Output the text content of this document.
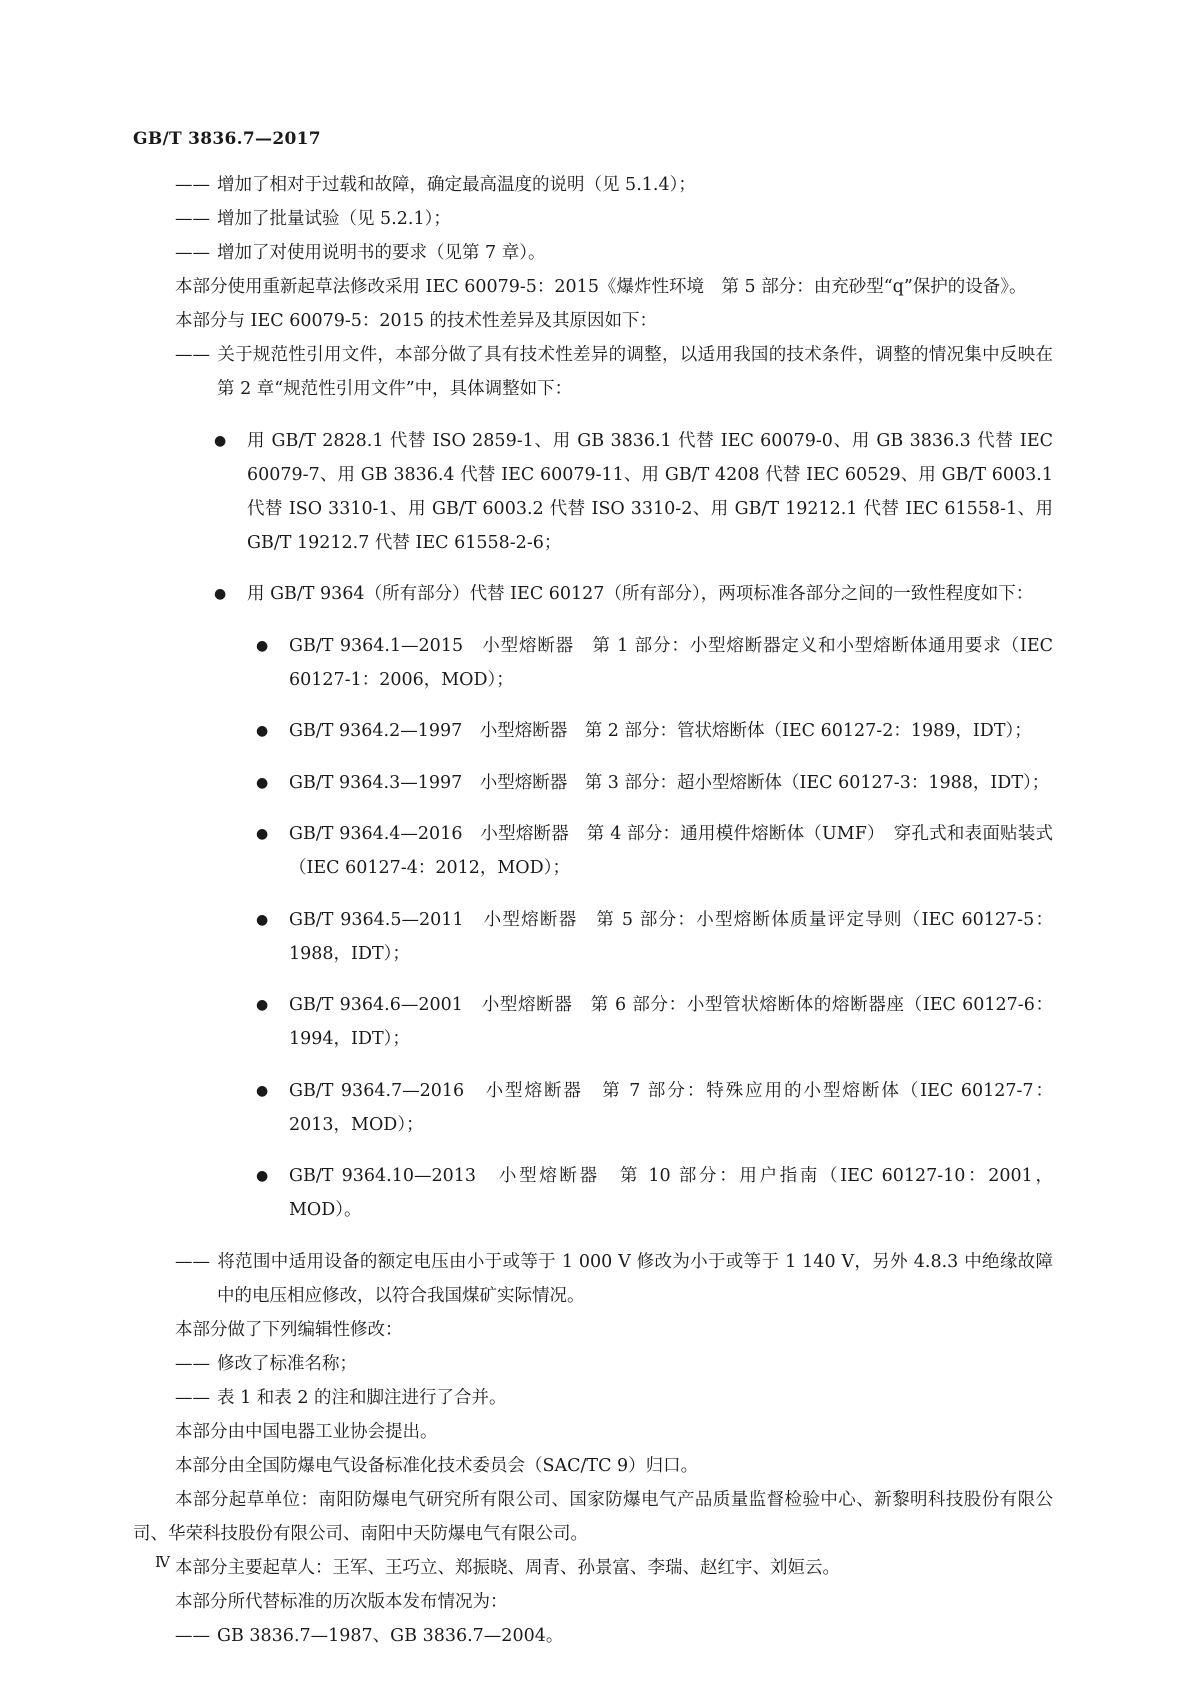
GB/T 3836.7—2017

—— 增加了相对于过载和故障，确定最高温度的说明（见 5.1.4）；

—— 增加了批量试验（见 5.2.1）；

—— 增加了对使用说明书的要求（见第 7 章）。

本部分使用重新起草法修改采用 IEC 60079-5：2015《爆炸性环境　第 5 部分：由充砂型“q”保护的设备》。

本部分与 IEC 60079-5：2015 的技术性差异及其原因如下：

—— 关于规范性引用文件，本部分做了具有技术性差异的调整，以适用我国的技术条件，调整的情况集中反映在第 2 章“规范性引用文件”中，具体调整如下：

● 用 GB/T 2828.1 代替 ISO 2859-1、用 GB 3836.1 代替 IEC 60079-0、用 GB 3836.3 代替 IEC 60079-7、用 GB 3836.4 代替 IEC 60079-11、用 GB/T 4208 代替 IEC 60529、用 GB/T 6003.1 代替 ISO 3310-1、用 GB/T 6003.2 代替 ISO 3310-2、用 GB/T 19212.1 代替 IEC 61558-1、用 GB/T 19212.7 代替 IEC 61558-2-6；

● 用 GB/T 9364（所有部分）代替 IEC 60127（所有部分），两项标准各部分之间的一致性程度如下：

● GB/T 9364.1—2015　小型熔断器　第 1 部分：小型熔断器定义和小型熔断体通用要求（IEC 60127-1：2006，MOD）；

● GB/T 9364.2—1997　小型熔断器　第 2 部分：管状熔断体（IEC 60127-2：1989，IDT）；

● GB/T 9364.3—1997　小型熔断器　第 3 部分：超小型熔断体（IEC 60127-3：1988，IDT）；

● GB/T 9364.4—2016　小型熔断器　第 4 部分：通用模件熔断体（UMF）　穿孔式和表面贴装式（IEC 60127-4：2012，MOD）；

● GB/T 9364.5—2011　小型熔断器　第 5 部分：小型熔断体质量评定导则（IEC 60127-5：1988，IDT）；

● GB/T 9364.6—2001　小型熔断器　第 6 部分：小型管状熔断体的熔断器座（IEC 60127-6：1994，IDT）；

● GB/T 9364.7—2016　小型熔断器　第 7 部分：特殊应用的小型熔断体（IEC 60127-7：2013，MOD）；

● GB/T 9364.10—2013　小型熔断器　第 10 部分：用户指南（IEC 60127-10：2001，MOD）。

—— 将范围中适用设备的额定电压由小于或等于 1 000 V 修改为小于或等于 1 140 V，另外 4.8.3 中绝缘故障中的电压相应修改，以符合我国煤矿实际情况。

本部分做了下列编辑性修改：

—— 修改了标准名称；

—— 表 1 和表 2 的注和脚注进行了合并。

本部分由中国电器工业协会提出。

本部分由全国防爆电气设备标准化技术委员会（SAC/TC 9）归口。

本部分起草单位：南阳防爆电气研究所有限公司、国家防爆电气产品质量监督检验中心、新黎明科技股份有限公司、华荣科技股份有限公司、南阳中天防爆电气有限公司。

本部分主要起草人：王军、王巧立、郑振晓、周青、孙景富、李瑞、赵红宇、刘姮云。

本部分所代替标准的历次版本发布情况为：

—— GB 3836.7—1987、GB 3836.7—2004。

Ⅳ
